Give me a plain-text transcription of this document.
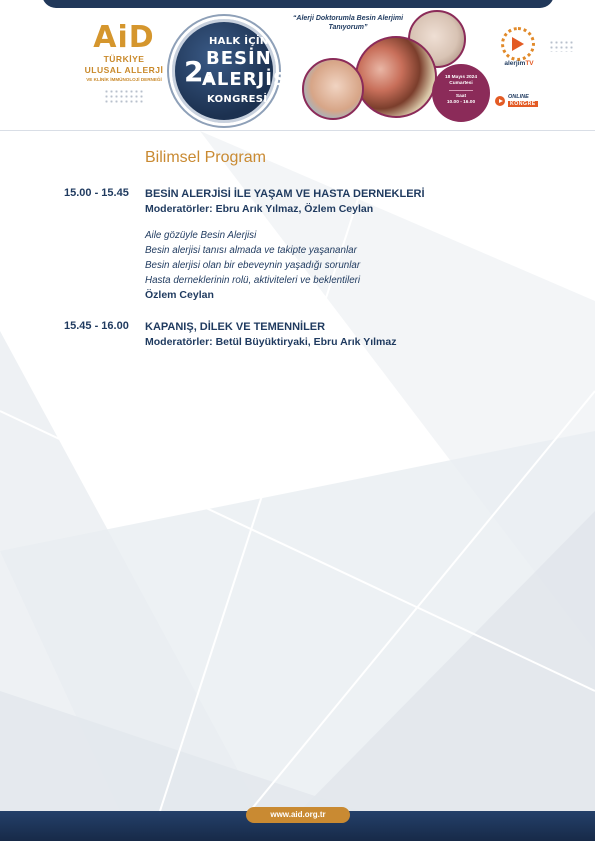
AiD
TÜRKİYE
ULUSAL ALLERJİ
VE KLİNİK İMMÜNOLOJİ DERNEĞİ 2.
HALK İÇİN
BESİN
ALERJİSİ
KONGRESİ
“Alerji Doktorumla Besin Alerjimi Tanıyorum”
18 Mayıs 2024
Cumartesi
Saat
10.00 - 16.00
alerjimTV
ONLINE
KONGRE
Bilimsel Program
15.00 - 15.45 BESİN ALERJİSİ İLE YAŞAM VE HASTA DERNEKLERİ
Moderatörler: Ebru Arık Yılmaz, Özlem Ceylan
Aile gözüyle Besin Alerjisi
Besin alerjisi tanısı almada ve takipte yaşananlar
Besin alerjisi olan bir ebeveynin yaşadığı sorunlar
Hasta derneklerinin rolü, aktiviteleri ve beklentileri
Özlem Ceylan
15.45 - 16.00 KAPANIŞ, DİLEK VE TEMENNİLER
Moderatörler: Betül Büyüktiryaki, Ebru Arık Yılmaz
www.aid.org.tr
